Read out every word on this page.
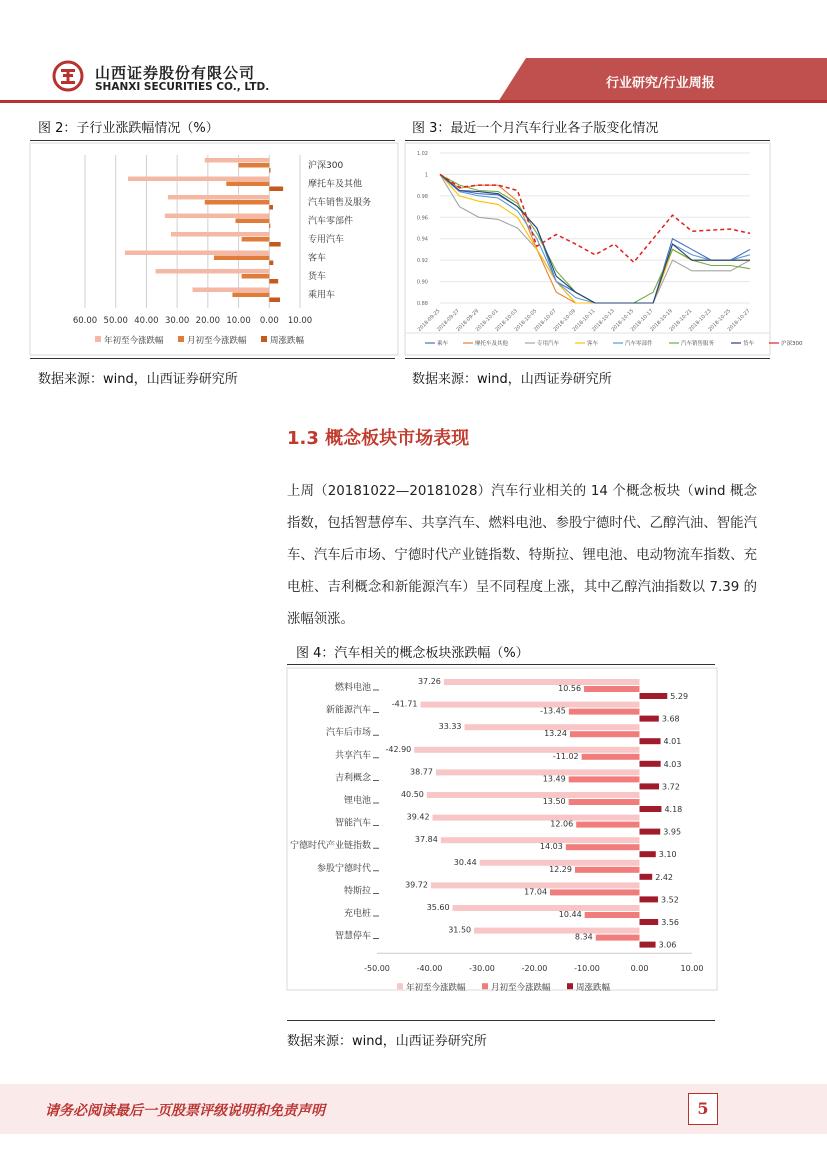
山西证券股份有限公司
SHANXI SECURITIES CO., LTD.	行业研究/行业周报
图 2：子行业涨跌幅情况（%）
60.00 50.00 40.00 30.00 20.00 10.00 0.00 10.00
沪深300
摩托车及其他
汽车销售及服务
汽车零部件
专用汽车
客车
货车
乘用车
年初至今涨跌幅	月初至今涨跌幅	周涨跌幅
数据来源：wind，山西证券研究所
图 3：最近一个月汽车行业各子版变化情况
1.02
1
0.98
0.96
0.94
0.92
0.90
0.88
2018-09-25
2018-09-27
2018-09-29
2018-10-01
2018-10-03
2018-10-05
2018-10-07
2018-10-09
2018-10-11
2018-10-13
2018-10-15
2018-10-17
2018-10-19
2018-10-21
2018-10-23
2018-10-25
2018-10-27
乘车	摩托车及其他	专用汽车	客车	汽车零部件	汽车销售服务	货车	沪深300
数据来源：wind，山西证券研究所
1.3 概念板块市场表现

上周（20181022—20181028）汽车行业相关的 14 个概念板块（wind 概念指数，包括智慧停车、共享汽车、燃料电池、参股宁德时代、乙醇汽油、智能汽车、汽车后市场、宁德时代产业链指数、特斯拉、锂电池、电动物流车指数、充电桩、吉利概念和新能源汽车）呈不同程度上涨，其中乙醇汽油指数以 7.39 的涨幅领涨。

图 4：汽车相关的概念板块涨跌幅（%）
燃料电池
37.26
10.56
5.29
新能源汽车
-41.71
-13.45
3.68
汽车后市场
33.33
13.24
4.01
共享汽车
-42.90
-11.02
4.03
吉利概念
38.77
13.49
3.72
锂电池
40.50
13.50
4.18
智能汽车
39.42
12.06
3.95
宁德时代产业链指数
37.84
14.03
3.10
参股宁德时代
30.44
12.29
2.42
特斯拉
39.72
17.04
3.52
充电桩
35.60
10.44
3.56
智慧停车
31.50
8.34
3.06
-50.00	-40.00	-30.00	-20.00	-10.00	0.00	10.00
年初至今涨跌幅	月初至今涨跌幅	周涨跌幅
数据来源：wind，山西证券研究所
请务必阅读最后一页股票评级说明和免责声明	5
